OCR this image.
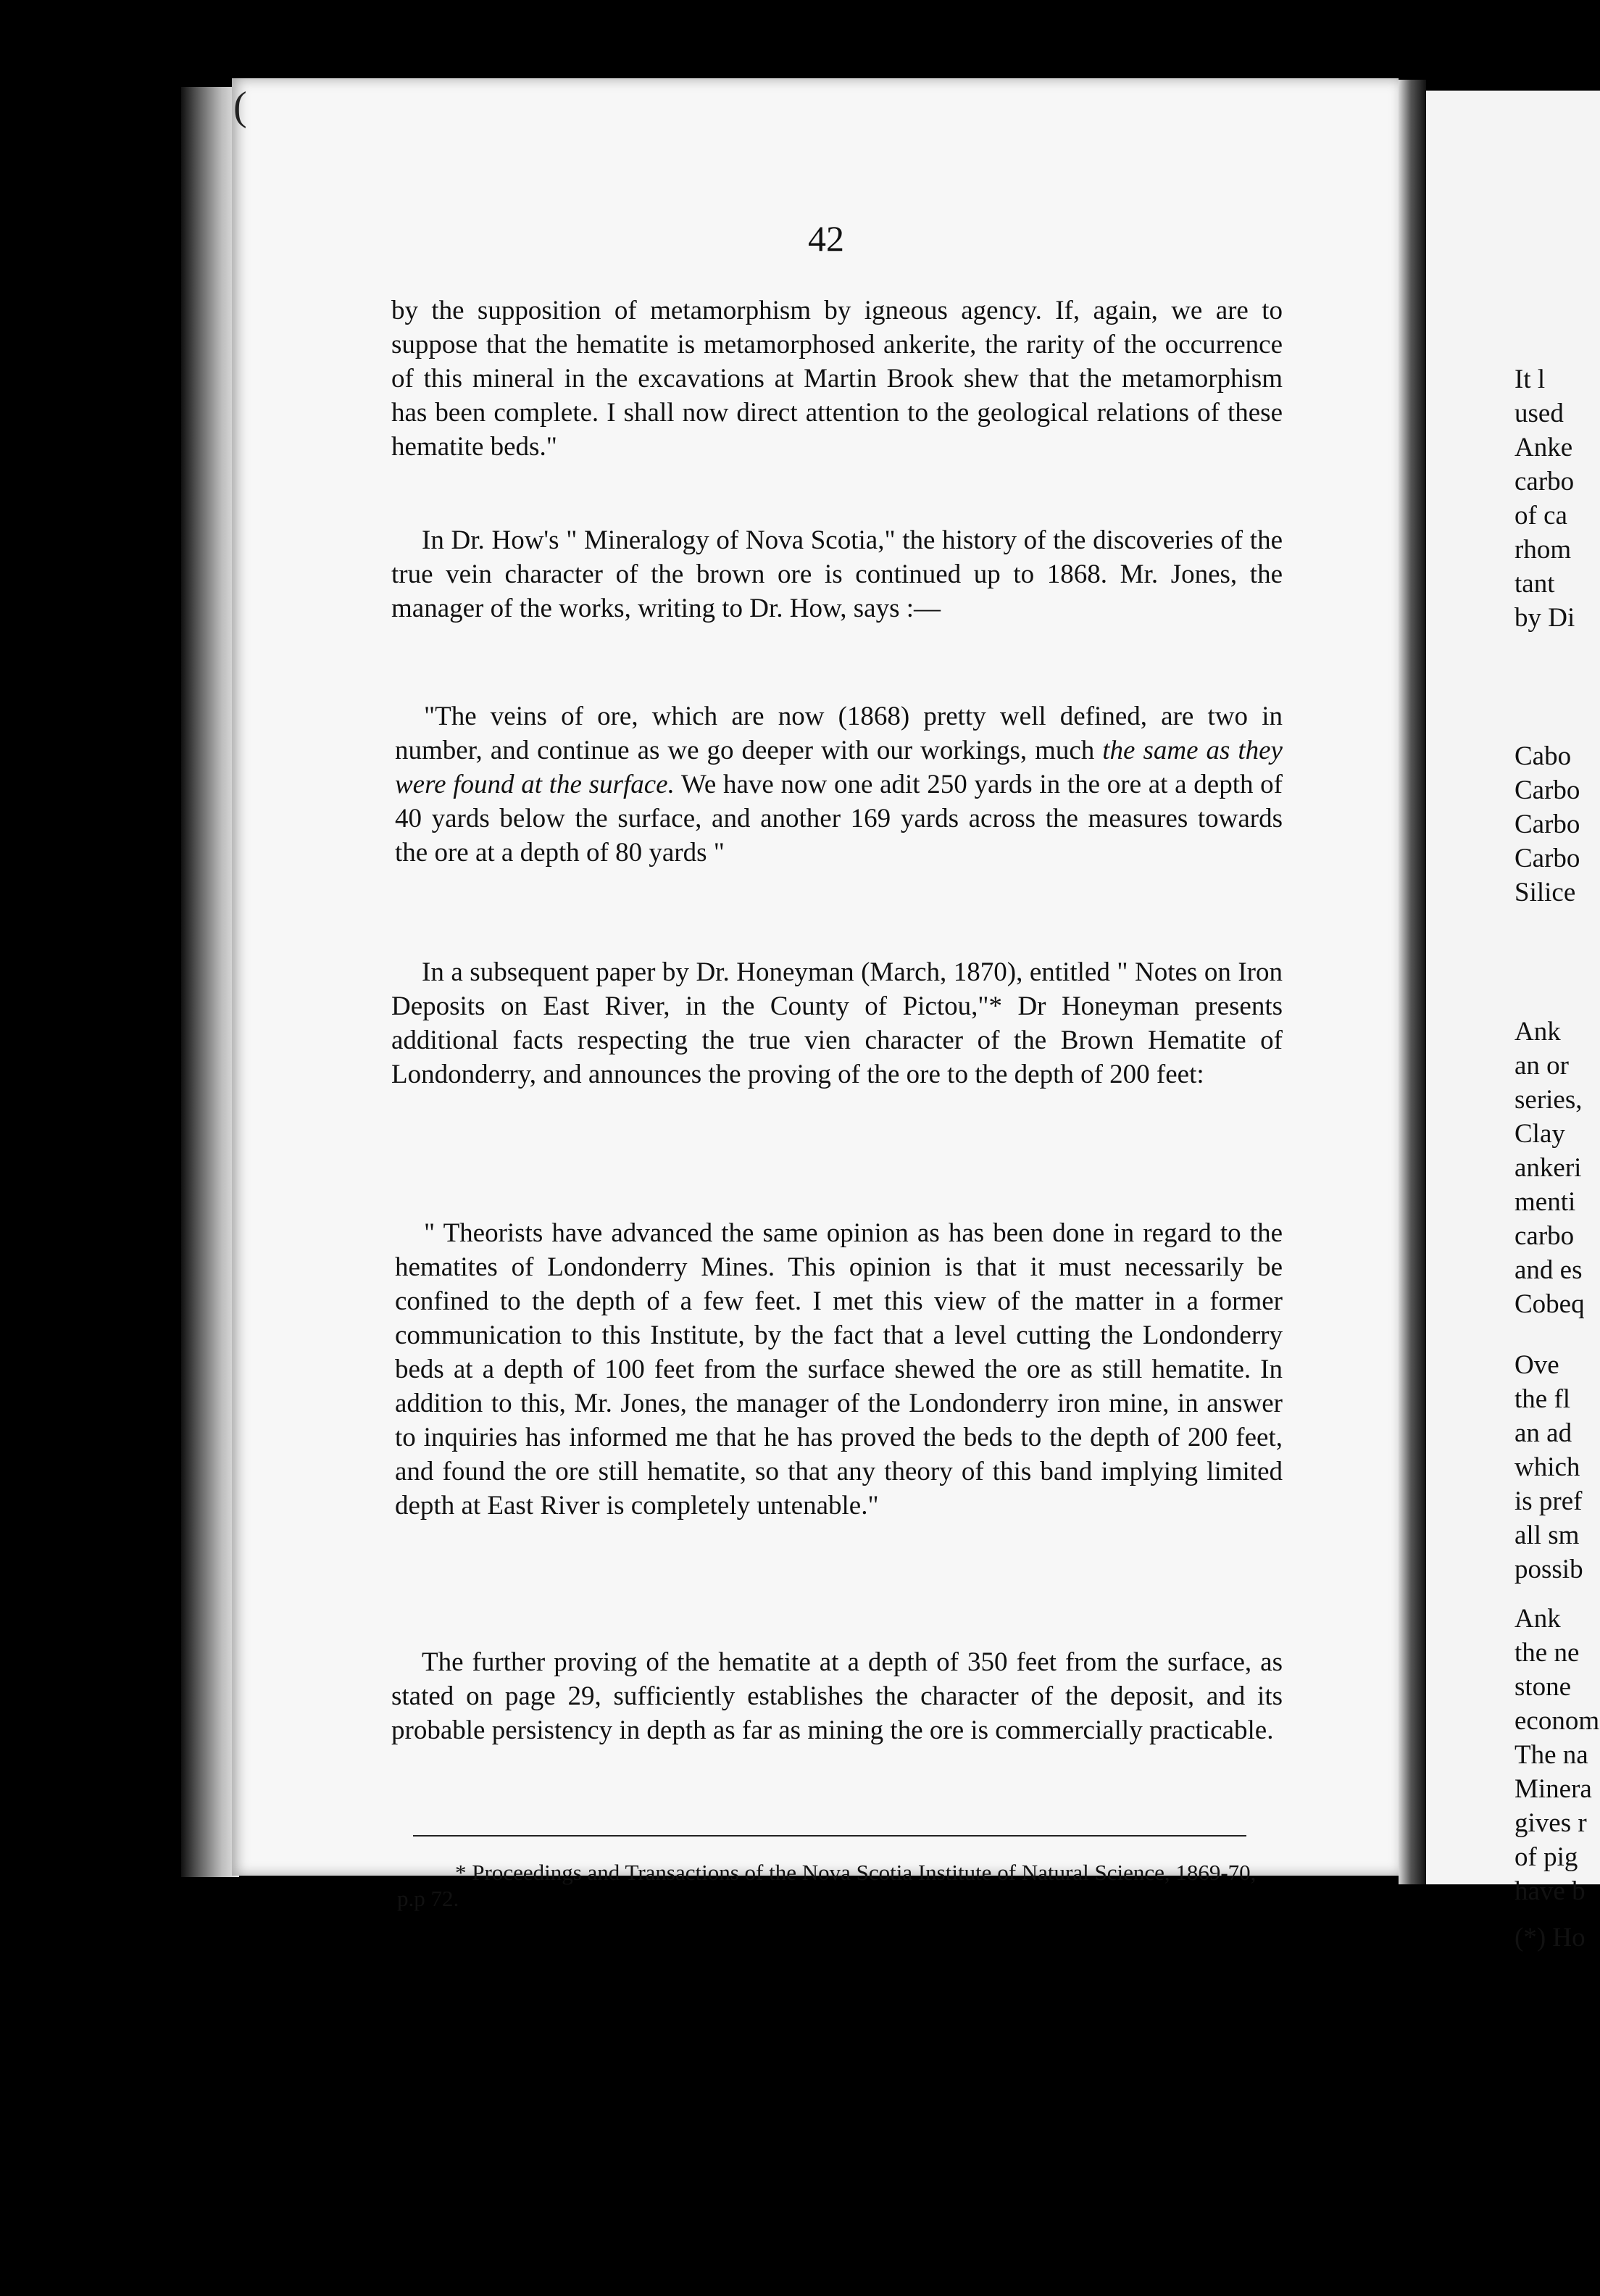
(
42

by the supposition of metamorphism by igneous agency. If, again, we are to suppose that the hematite is metamorphosed ankerite, the rarity of the occurrence of this mineral in the excavations at Martin Brook shew that the metamorphism has been complete. I shall now direct attention to the geological relations of these hematite beds."

In Dr. How's " Mineralogy of Nova Scotia," the history of the discoveries of the true vein character of the brown ore is continued up to 1868. Mr. Jones, the manager of the works, writing to Dr. How, says :—

"The veins of ore, which are now (1868) pretty well defined, are two in number, and continue as we go deeper with our workings, much the same as they were found at the surface. We have now one adit 250 yards in the ore at a depth of 40 yards below the surface, and another 169 yards across the measures towards the ore at a depth of 80 yards "

In a subsequent paper by Dr. Honeyman (March, 1870), entitled " Notes on Iron Deposits on East River, in the County of Pictou,"* Dr Honeyman presents additional facts respecting the true vien character of the Brown Hematite of Londonderry, and announces the proving of the ore to the depth of 200 feet:

" Theorists have advanced the same opinion as has been done in regard to the hematites of Londonderry Mines. This opinion is that it must necessarily be confined to the depth of a few feet. I met this view of the matter in a former communication to this Institute, by the fact that a level cutting the Londonderry beds at a depth of 100 feet from the surface shewed the ore as still hematite. In addition to this, Mr. Jones, the manager of the Londonderry iron mine, in answer to inquiries has informed me that he has proved the beds to the depth of 200 feet, and found the ore still hematite, so that any theory of this band implying limited depth at East River is completely untenable."

The further proving of the hematite at a depth of 350 feet from the surface, as stated on page 29, sufficiently establishes the character of the deposit, and its probable persistency in depth as far as mining the ore is commercially practicable.

* Proceedings and Transactions of the Nova Scotia Institute of Natural Science, 1869-70, p.p 72.
It l
used
Anke
carbo
of ca
rhom
tant
by Di
Cabo
Carbo
Carbo
Carbo
Silice
Ank
an or
series,
Clay
ankeri
menti
carbo
and es
Cobeq
Ove
the fl
an ad
which
is pref
all sm
possib
Ank
the ne
stone
econom
The na
Minera
gives r
of pig
have b
(*) Ho
